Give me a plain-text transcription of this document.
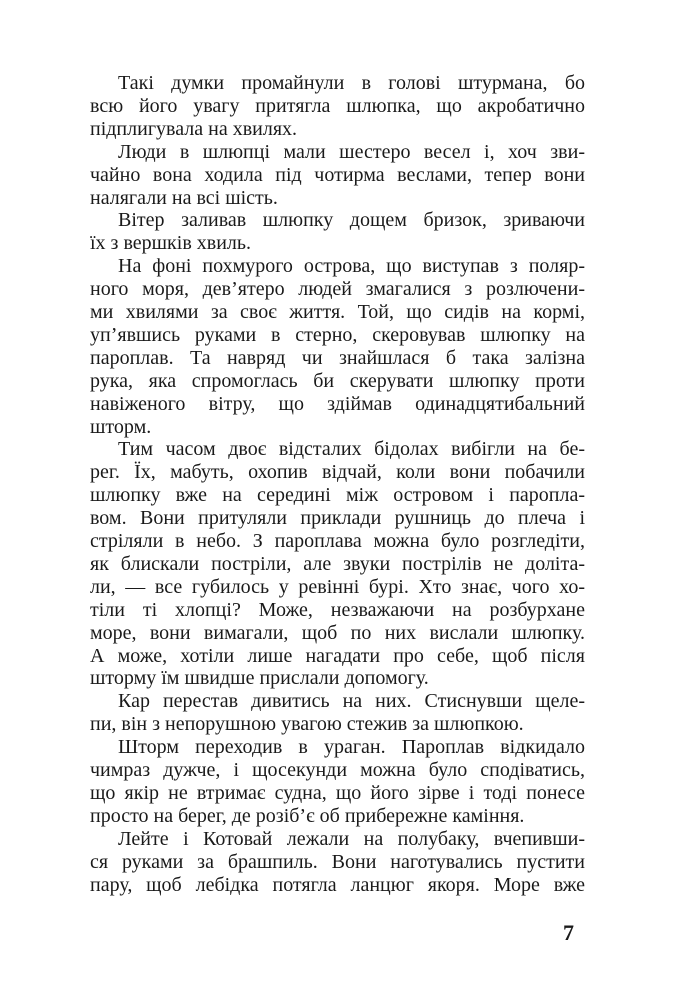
Такі думки промайнули в голові штурмана, бо
всю його увагу притягла шлюпка, що акробатично
підплигувала на хвилях.
Люди в шлюпці мали шестеро весел і, хоч зви-
чайно вона ходила під чотирма веслами, тепер вони
налягали на всі шість.
Вітер заливав шлюпку дощем бризок, зриваючи
їх з вершків хвиль.
На фоні похмурого острова, що виступав з поляр-
ного моря, дев’ятеро людей змагалися з розлючени-
ми хвилями за своє життя. Той, що сидів на кормі,
уп’явшись руками в стерно, скеровував шлюпку на
пароплав. Та навряд чи знайшлася б така залізна
рука, яка спромоглась би скерувати шлюпку проти
навіженого вітру, що здіймав одинадцятибальний
шторм.
Тим часом двоє відсталих бідолах вибігли на бе-
рег. Їх, мабуть, охопив відчай, коли вони побачили
шлюпку вже на середині між островом і пароплa-
вом. Вони притуляли приклади рушниць до плеча і
стріляли в небо. З пароплава можна було розгледіти,
як блискали постріли, але звуки пострілів не доліта-
ли, — все губилось у ревінні бурі. Хто знає, чого хо-
тіли ті хлопці? Може, незважаючи на розбурхане
море, вони вимагали, щоб по них вислали шлюпку.
А може, хотіли лише нагадати про себе, щоб після
шторму їм швидше прислали допомогу.
Кар перестав дивитись на них. Стиснувши щеле-
пи, він з непорушною увагою стежив за шлюпкою.
Шторм переходив в ураган. Пароплав відкидало
чимраз дужче, і щосекунди можна було сподіватись,
що якір не втримає судна, що його зірве і тоді понесе
просто на берег, де розіб’є об прибережне каміння.
Лейте і Котовай лежали на полубаку, вчепивши-
ся руками за брашпиль. Вони наготувались пустити
пару, щоб лебідка потягла ланцюг якоря. Море вже
7
